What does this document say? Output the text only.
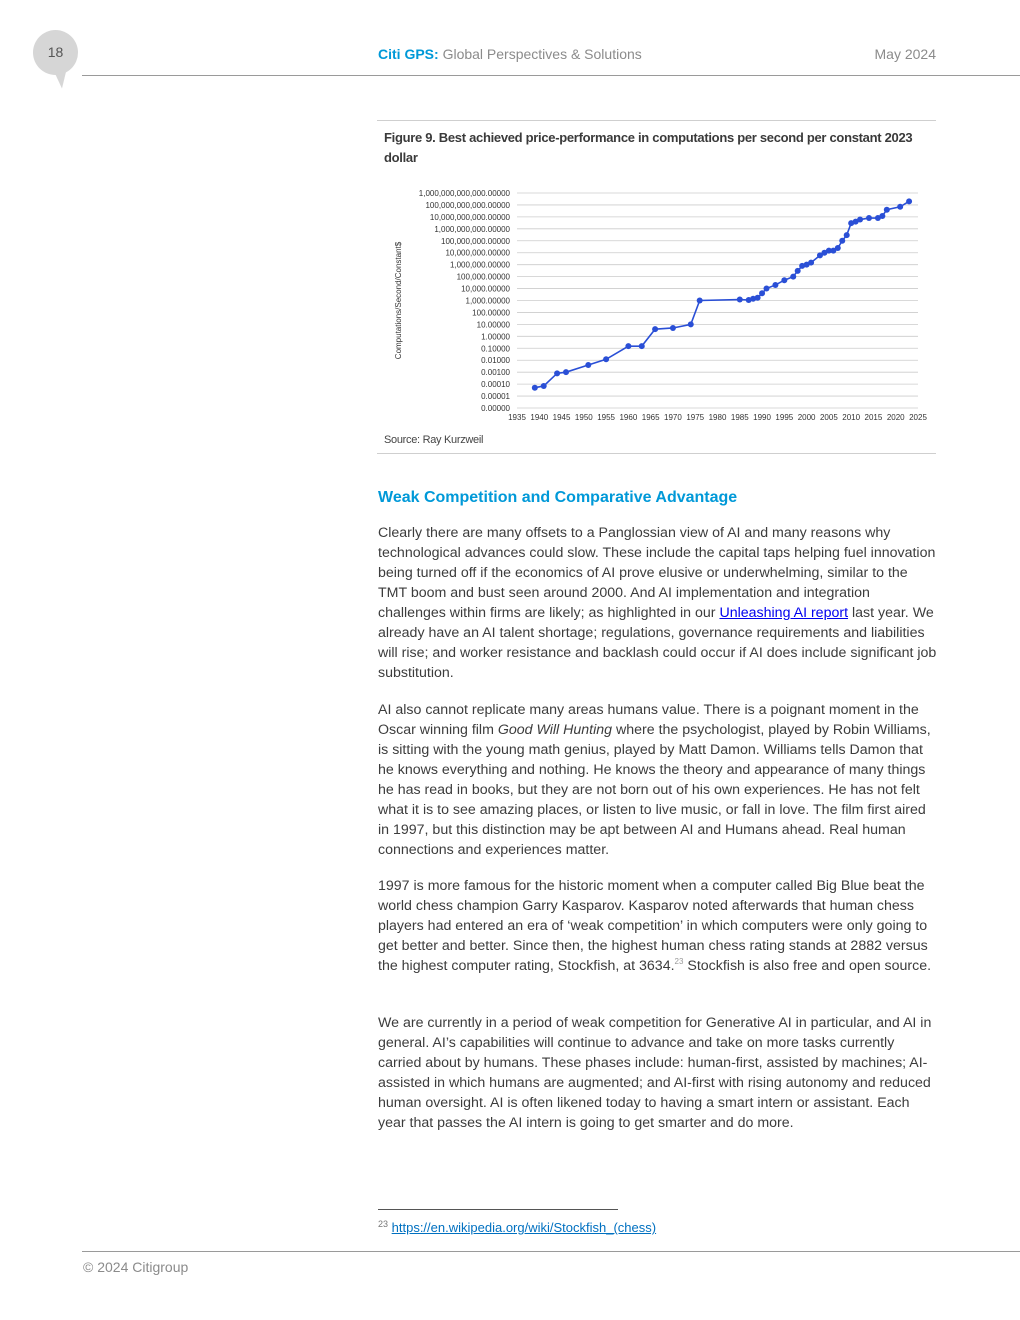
18	Citi GPS: Global Perspectives & Solutions	May 2024
Figure 9. Best achieved price-performance in computations per second per constant 2023 dollar
0.00000
0.00001
0.00010
0.00100
0.01000
0.10000
1.00000
10.00000
100.00000
1,000.00000
10,000.00000
100,000.00000
1,000,000.00000
10,000,000.00000
100,000,000.00000
1,000,000,000.00000
10,000,000,000.00000
100,000,000,000.00000
1,000,000,000,000.00000
1935 1940 1945 1950 1955 1960 1965 1970 1975 1980 1985 1990 1995 2000 2005 2010 2015 2020 2025
Computations/Second/Constant$
Source: Ray Kurzweil
Weak Competition and Comparative Advantage

Clearly there are many offsets to a Panglossian view of AI and many reasons why technological advances could slow. These include the capital taps helping fuel innovation being turned off if the economics of AI prove elusive or underwhelming, similar to the TMT boom and bust seen around 2000. And AI implementation and integration challenges within firms are likely; as highlighted in our Unleashing AI report last year. We already have an AI talent shortage; regulations, governance requirements and liabilities will rise; and worker resistance and backlash could occur if AI does include significant job substitution.

AI also cannot replicate many areas humans value. There is a poignant moment in the Oscar winning film Good Will Hunting where the psychologist, played by Robin Williams, is sitting with the young math genius, played by Matt Damon. Williams tells Damon that he knows everything and nothing. He knows the theory and appearance of many things he has read in books, but they are not born out of his own experiences. He has not felt what it is to see amazing places, or listen to live music, or fall in love. The film first aired in 1997, but this distinction may be apt between AI and Humans ahead. Real human connections and experiences matter.

1997 is more famous for the historic moment when a computer called Big Blue beat the world chess champion Garry Kasparov. Kasparov noted afterwards that human chess players had entered an era of ‘weak competition’ in which computers were only going to get better and better. Since then, the highest human chess rating stands at 2882 versus the highest computer rating, Stockfish, at 3634.23 Stockfish is also free and open source.

We are currently in a period of weak competition for Generative AI in particular, and AI in general. AI’s capabilities will continue to advance and take on more tasks currently carried about by humans. These phases include: human-first, assisted by machines; AI-assisted in which humans are augmented; and AI-first with rising autonomy and reduced human oversight. AI is often likened today to having a smart intern or assistant. Each year that passes the AI intern is going to get smarter and do more.

$^{23}$ https://en.wikipedia.org/wiki/Stockfish_(chess)
© 2024 Citigroup
